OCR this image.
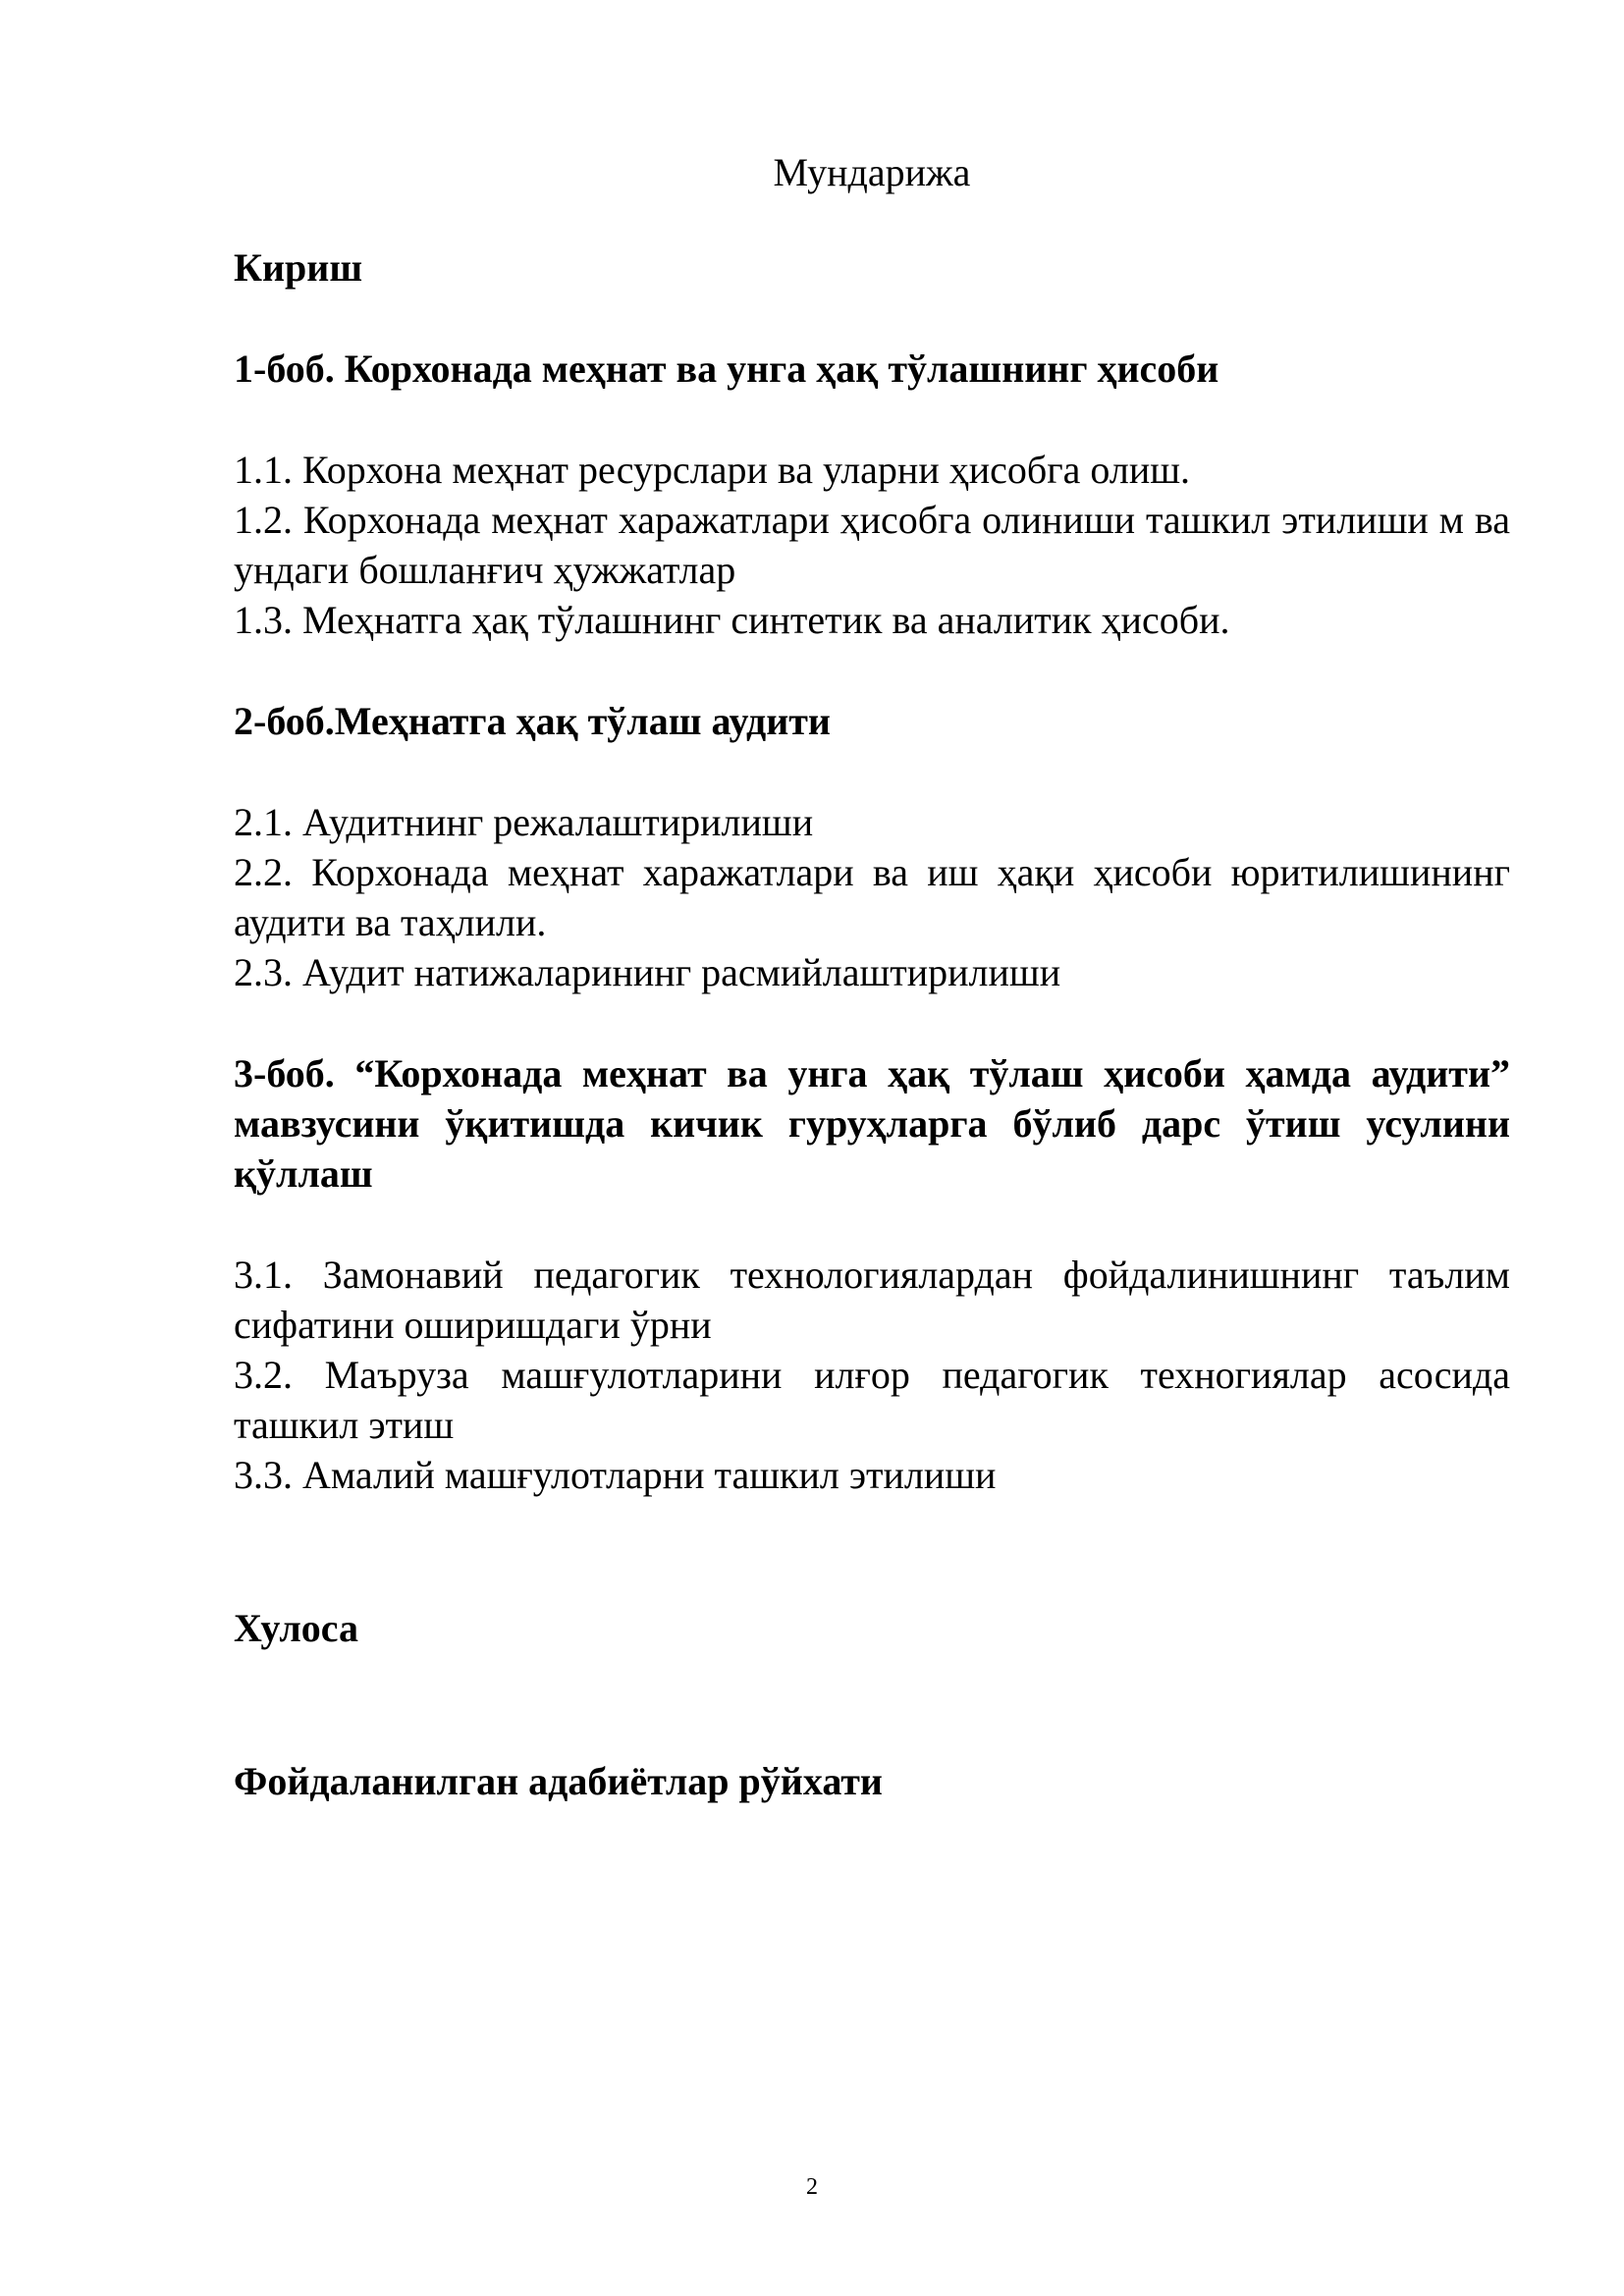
Мундарижа

Кириш

1-боб. Корхонада меҳнат ва унга ҳақ тўлашнинг ҳисоби

1.1. Корхона меҳнат ресурслари ва уларни ҳисобга олиш.

1.2. Корхонада меҳнат харажатлари ҳисобга олиниши ташкил этилиши м ва ундаги бошланғич ҳужжатлар

1.3. Меҳнатга ҳақ тўлашнинг синтетик ва аналитик ҳисоби.

2-боб.Меҳнатга ҳақ тўлаш аудити

2.1. Аудитнинг режалаштирилиши

2.2. Корхонада меҳнат харажатлари ва иш ҳақи ҳисоби юритилишининг аудити ва таҳлили.

2.3. Аудит натижаларининг расмийлаштирилиши

3-боб. “Корхонада меҳнат ва унга ҳақ тўлаш ҳисоби ҳамда аудити” мавзусини ўқитишда кичик гуруҳларга бўлиб дарс ўтиш усулини қўллаш

3.1. Замонавий педагогик технологиялардан фойдалинишнинг таълим сифатини оширишдаги ўрни

3.2. Маъруза машғулотларини илғор педагогик техногиялар асосида ташкил этиш

3.3. Амалий машғулотларни ташкил этилиши

Хулоса

Фойдаланилган адабиётлар рўйхати

2
